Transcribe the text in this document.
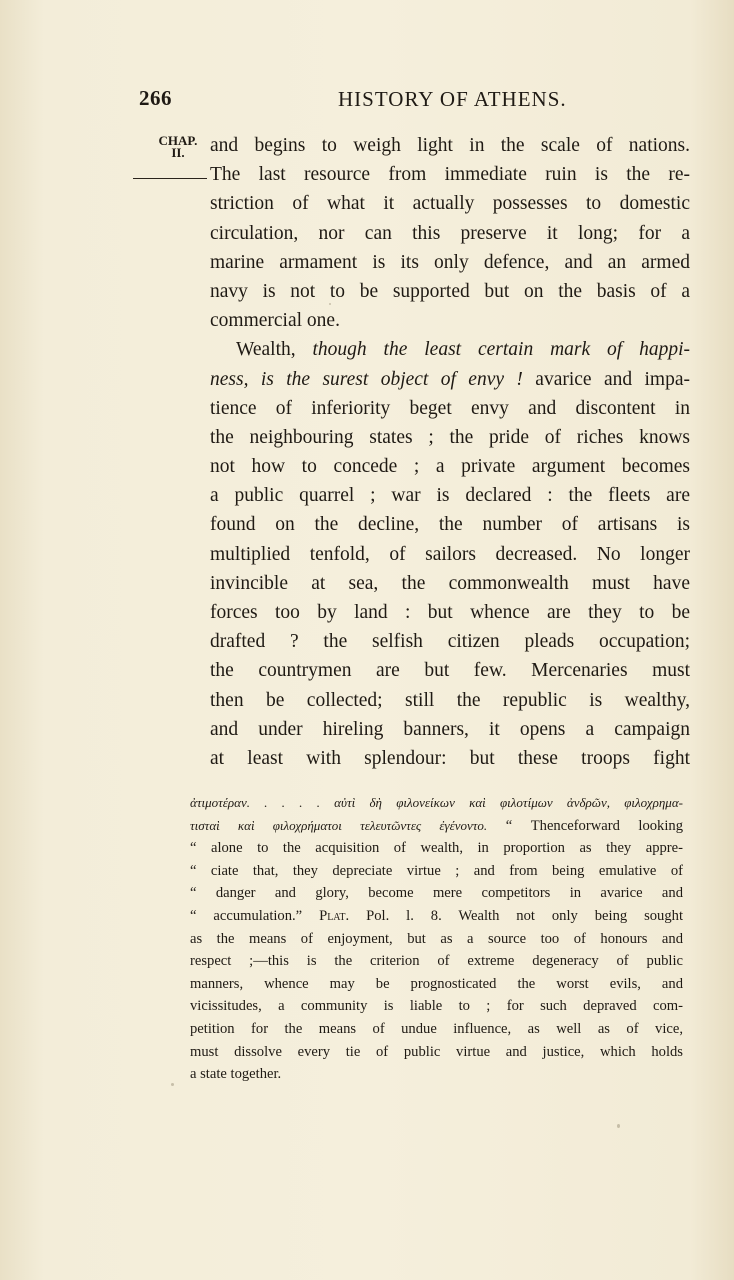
266	HISTORY OF ATHENS.
CHAP.
II.	and begins to weigh light in the scale of nations.
The last resource from immediate ruin is the re-
striction of what it actually possesses to domestic
circulation, nor can this preserve it long; for a
marine armament is its only defence, and an armed
navy is not to be supported but on the basis of a
commercial one.
Wealth, though the least certain mark of happi-
ness, is the surest object of envy ! avarice and impa-
tience of inferiority beget envy and discontent in
the neighbouring states ; the pride of riches knows
not how to concede ; a private argument becomes
a public quarrel ; war is declared : the fleets are
found on the decline, the number of artisans is
multiplied tenfold, of sailors decreased. No longer
invincible at sea, the commonwealth must have
forces too by land : but whence are they to be
drafted ? the selfish citizen pleads occupation;
the countrymen are but few. Mercenaries must
then be collected; still the republic is wealthy,
and under hireling banners, it opens a campaign
at least with splendour: but these troops fight
ἀτιμοτέραν. . . . . αὐτὶ δὴ φιλονείκων καὶ φιλοτίμων ἀνδρῶν, φιλοχρημα-
τισταὶ καὶ φιλοχρήματοι τελευτῶντες ἐγένοντο. “ Thenceforward looking
“ alone to the acquisition of wealth, in proportion as they appre-
“ ciate that, they depreciate virtue ; and from being emulative of
“ danger and glory, become mere competitors in avarice and
“ accumulation.” Plat. Pol. l. 8. Wealth not only being sought
as the means of enjoyment, but as a source too of honours and
respect ;—this is the criterion of extreme degeneracy of public
manners, whence may be prognosticated the worst evils, and
vicissitudes, a community is liable to ; for such depraved com-
petition for the means of undue influence, as well as of vice,
must dissolve every tie of public virtue and justice, which holds
a state together.
